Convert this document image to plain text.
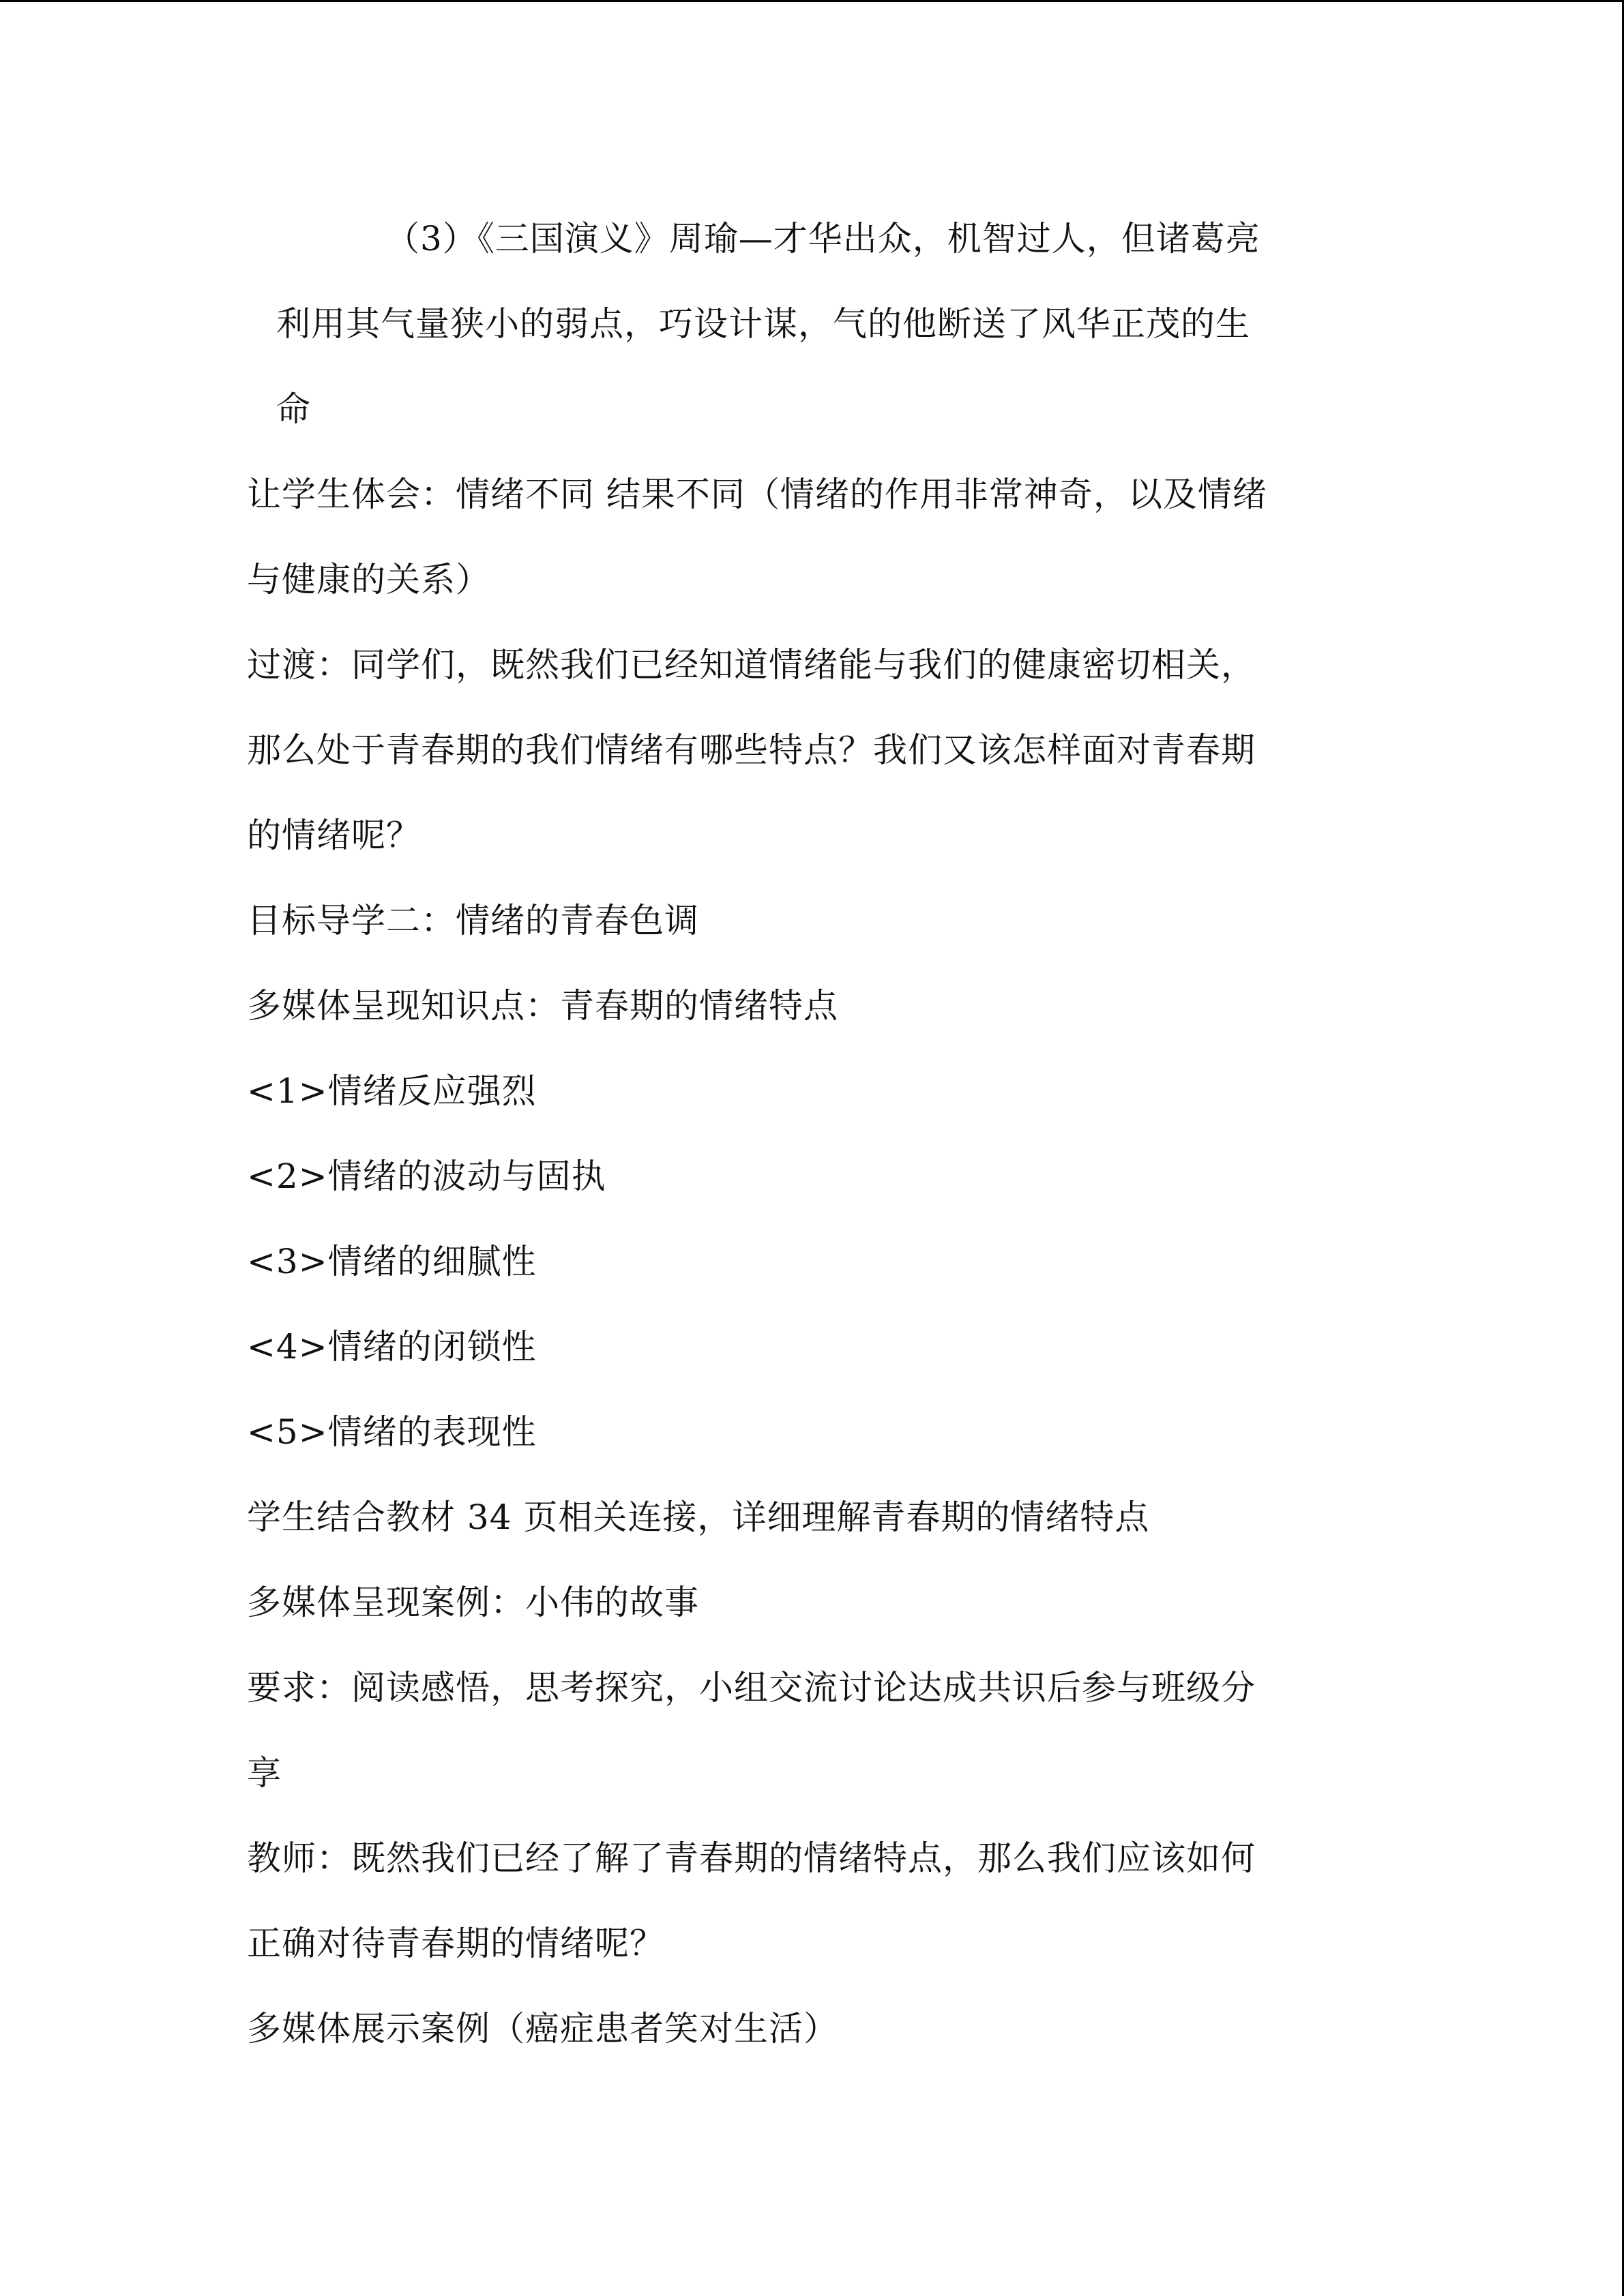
（3）《三国演义》周瑜—才华出众，机智过人，但诸葛亮
利用其气量狭小的弱点，巧设计谋，气的他断送了风华正茂的生
命
让学生体会：情绪不同 结果不同（情绪的作用非常神奇，以及情绪
与健康的关系）
过渡：同学们，既然我们已经知道情绪能与我们的健康密切相关，
那么处于青春期的我们情绪有哪些特点？我们又该怎样面对青春期
的情绪呢？
目标导学二：情绪的青春色调
多媒体呈现知识点：青春期的情绪特点
<1>情绪反应强烈
<2>情绪的波动与固执
<3>情绪的细腻性
<4>情绪的闭锁性
<5>情绪的表现性
学生结合教材 34 页相关连接，详细理解青春期的情绪特点
多媒体呈现案例：小伟的故事
要求：阅读感悟，思考探究，小组交流讨论达成共识后参与班级分
享
教师：既然我们已经了解了青春期的情绪特点，那么我们应该如何
正确对待青春期的情绪呢？
多媒体展示案例（癌症患者笑对生活）
